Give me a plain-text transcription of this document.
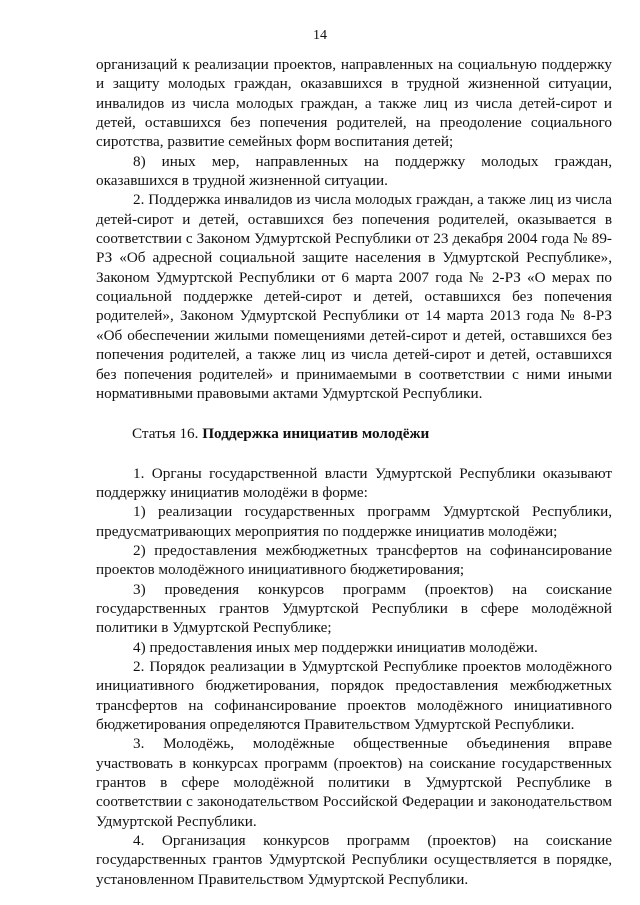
14

организаций к реализации проектов, направленных на социальную поддержку и защиту молодых граждан, оказавшихся в трудной жизненной ситуации, инвалидов из числа молодых граждан, а также лиц из числа детей-сирот и детей, оставшихся без попечения родителей, на преодоление социального сиротства, развитие семейных форм воспитания детей;

8) иных мер, направленных на поддержку молодых граждан, оказавшихся в трудной жизненной ситуации.

2. Поддержка инвалидов из числа молодых граждан, а также лиц из числа детей-сирот и детей, оставшихся без попечения родителей, оказывается в соответствии с Законом Удмуртской Республики от 23 декабря 2004 года № 89-РЗ «Об адресной социальной защите населения в Удмуртской Республике», Законом Удмуртской Республики от 6 марта 2007 года № 2-РЗ «О мерах по социальной поддержке детей-сирот и детей, оставшихся без попечения родителей», Законом Удмуртской Республики от 14 марта 2013 года № 8-РЗ «Об обеспечении жилыми помещениями детей-сирот и детей, оставшихся без попечения родителей, а также лиц из числа детей-сирот и детей, оставшихся без попечения родителей» и принимаемыми в соответствии с ними иными нормативными правовыми актами Удмуртской Республики.

Статья 16. Поддержка инициатив молодёжи

1. Органы государственной власти Удмуртской Республики оказывают поддержку инициатив молодёжи в форме:

1) реализации государственных программ Удмуртской Республики, предусматривающих мероприятия по поддержке инициатив молодёжи;

2) предоставления межбюджетных трансфертов на софинансирование проектов молодёжного инициативного бюджетирования;

3) проведения конкурсов программ (проектов) на соискание государственных грантов Удмуртской Республики в сфере молодёжной политики в Удмуртской Республике;

4) предоставления иных мер поддержки инициатив молодёжи.

2. Порядок реализации в Удмуртской Республике проектов молодёжного инициативного бюджетирования, порядок предоставления межбюджетных трансфертов на софинансирование проектов молодёжного инициативного бюджетирования определяются Правительством Удмуртской Республики.

3. Молодёжь, молодёжные общественные объединения вправе участвовать в конкурсах программ (проектов) на соискание государственных грантов в сфере молодёжной политики в Удмуртской Республике в соответствии с законодательством Российской Федерации и законодательством Удмуртской Республики.

4. Организация конкурсов программ (проектов) на соискание государственных грантов Удмуртской Республики осуществляется в порядке, установленном Правительством Удмуртской Республики.
